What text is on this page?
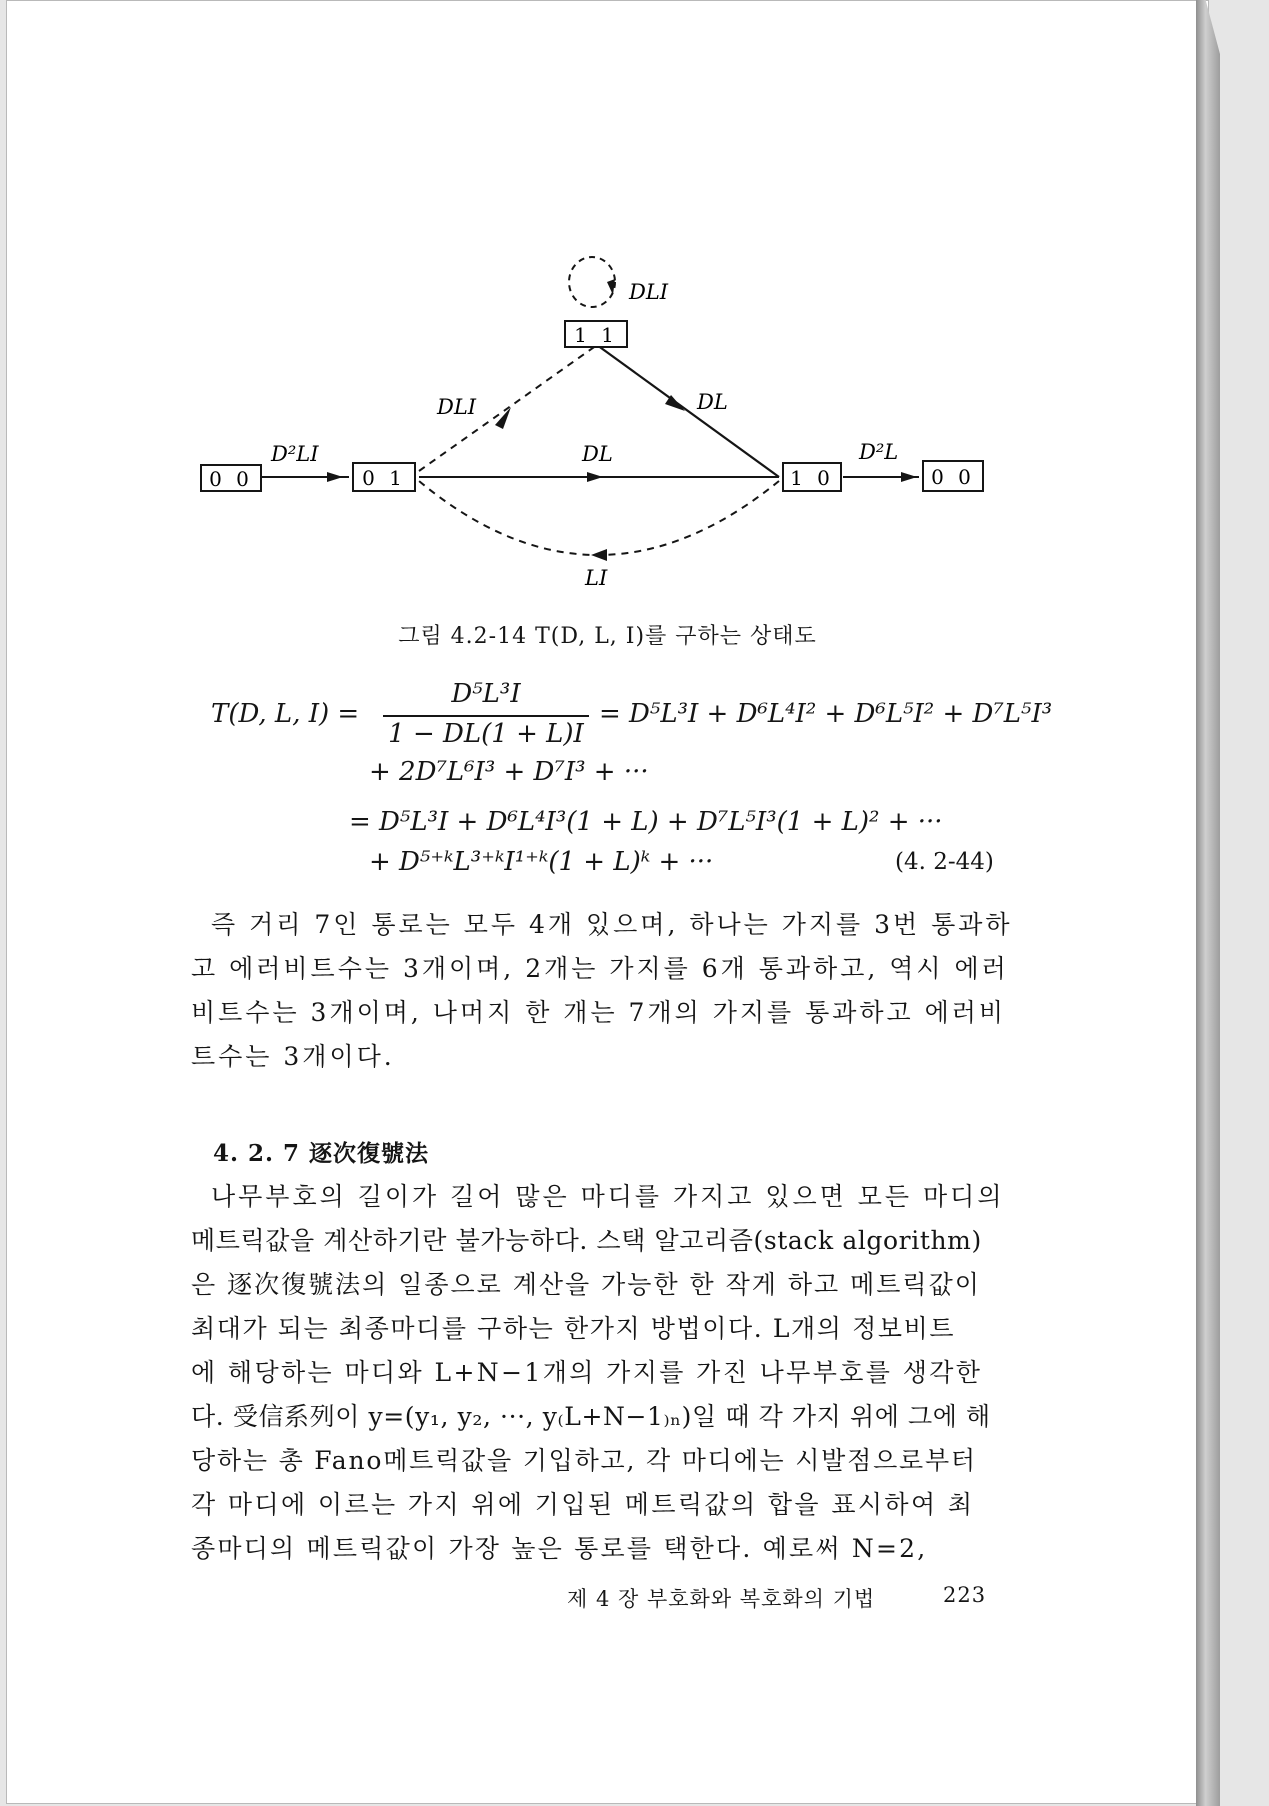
0 0	0 1
1 1
1 0	0 0
D²LI
DLI
DLI
DL
DL
LI
D²L
그림 4.2-14 T(D, L, I)를 구하는 상태도
T(D, L, I) =
D⁵L³I
1 − DL(1 + L)I
= D⁵L³I + D⁶L⁴I² + D⁶L⁵I² + D⁷L⁵I³
+ 2D⁷L⁶I³ + D⁷I³ + ···
= D⁵L³I + D⁶L⁴I³(1 + L) + D⁷L⁵I³(1 + L)² + ···
+ D⁵⁺ᵏL³⁺ᵏI¹⁺ᵏ(1 + L)ᵏ + ···	(4. 2-44)
즉 거리 7인 통로는 모두 4개 있으며, 하나는 가지를 3번 통과하
고 에러비트수는 3개이며, 2개는 가지를 6개 통과하고, 역시 에러
비트수는 3개이며, 나머지 한 개는 7개의 가지를 통과하고 에러비
트수는 3개이다.
4. 2. 7 逐次復號法
나무부호의 길이가 길어 많은 마디를 가지고 있으면 모든 마디의
메트릭값을 계산하기란 불가능하다. 스택 알고리즘(stack algorithm)
은 逐次復號法의 일종으로 계산을 가능한 한 작게 하고 메트릭값이
최대가 되는 최종마디를 구하는 한가지 방법이다. L개의 정보비트
에 해당하는 마디와 L+N−1개의 가지를 가진 나무부호를 생각한
다. 受信系列이 y=(y₁, y₂, ···, y₍L+N−1₎ₙ)일 때 각 가지 위에 그에 해
당하는 총 Fano메트릭값을 기입하고, 각 마디에는 시발점으로부터
각 마디에 이르는 가지 위에 기입된 메트릭값의 합을 표시하여 최
종마디의 메트릭값이 가장 높은 통로를 택한다. 예로써 N=2,
제 4 장 부호화와 복호화의 기법	223
